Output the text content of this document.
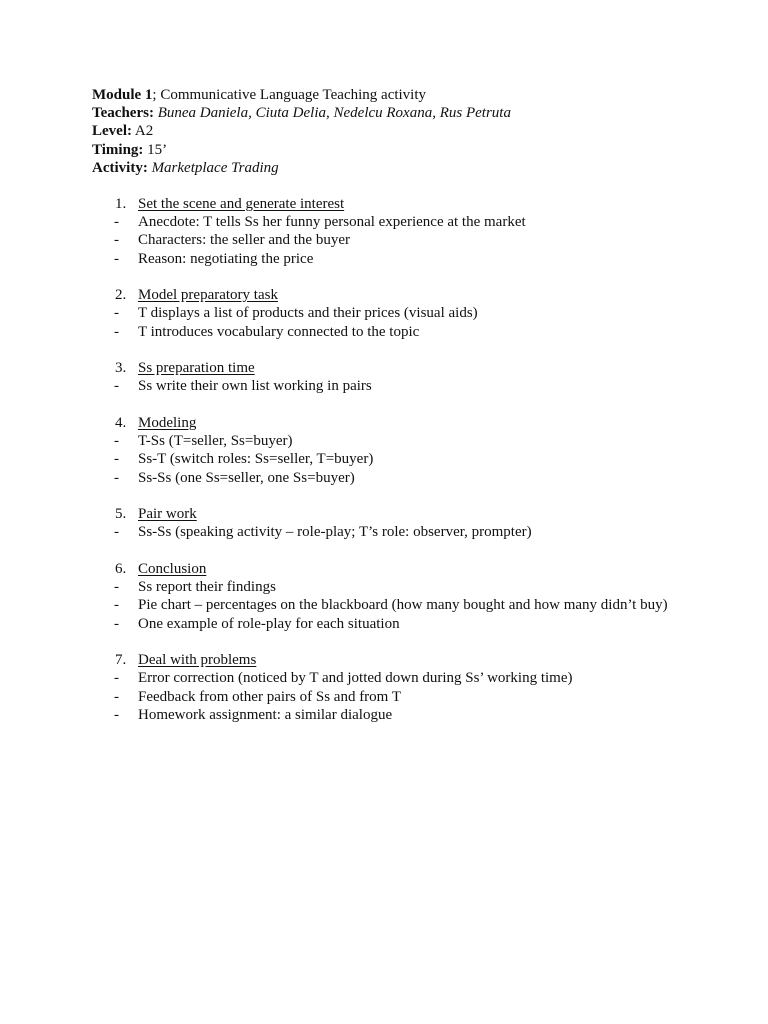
Module 1; Communicative Language Teaching activity
Teachers: Bunea Daniela, Ciuta Delia, Nedelcu Roxana, Rus Petruta
Level: A2
Timing: 15’
Activity: Marketplace Trading
1. Set the scene and generate interest
- Anecdote: T tells Ss her funny personal experience at the market
- Characters: the seller and the buyer
- Reason: negotiating the price
2. Model preparatory task
- T displays a list of products and their prices (visual aids)
- T introduces vocabulary connected to the topic
3. Ss preparation time
- Ss write their own list working in pairs
4. Modeling
- T-Ss (T=seller, Ss=buyer)
- Ss-T (switch roles: Ss=seller, T=buyer)
- Ss-Ss (one Ss=seller, one Ss=buyer)
5. Pair work
- Ss-Ss (speaking activity – role-play; T’s role: observer, prompter)
6. Conclusion
- Ss report their findings
- Pie chart – percentages on the blackboard (how many bought and how many didn’t buy)
- One example of role-play for each situation
7. Deal with problems
- Error correction (noticed by T and jotted down during Ss’ working time)
- Feedback from other pairs of Ss and from T
- Homework assignment: a similar dialogue
